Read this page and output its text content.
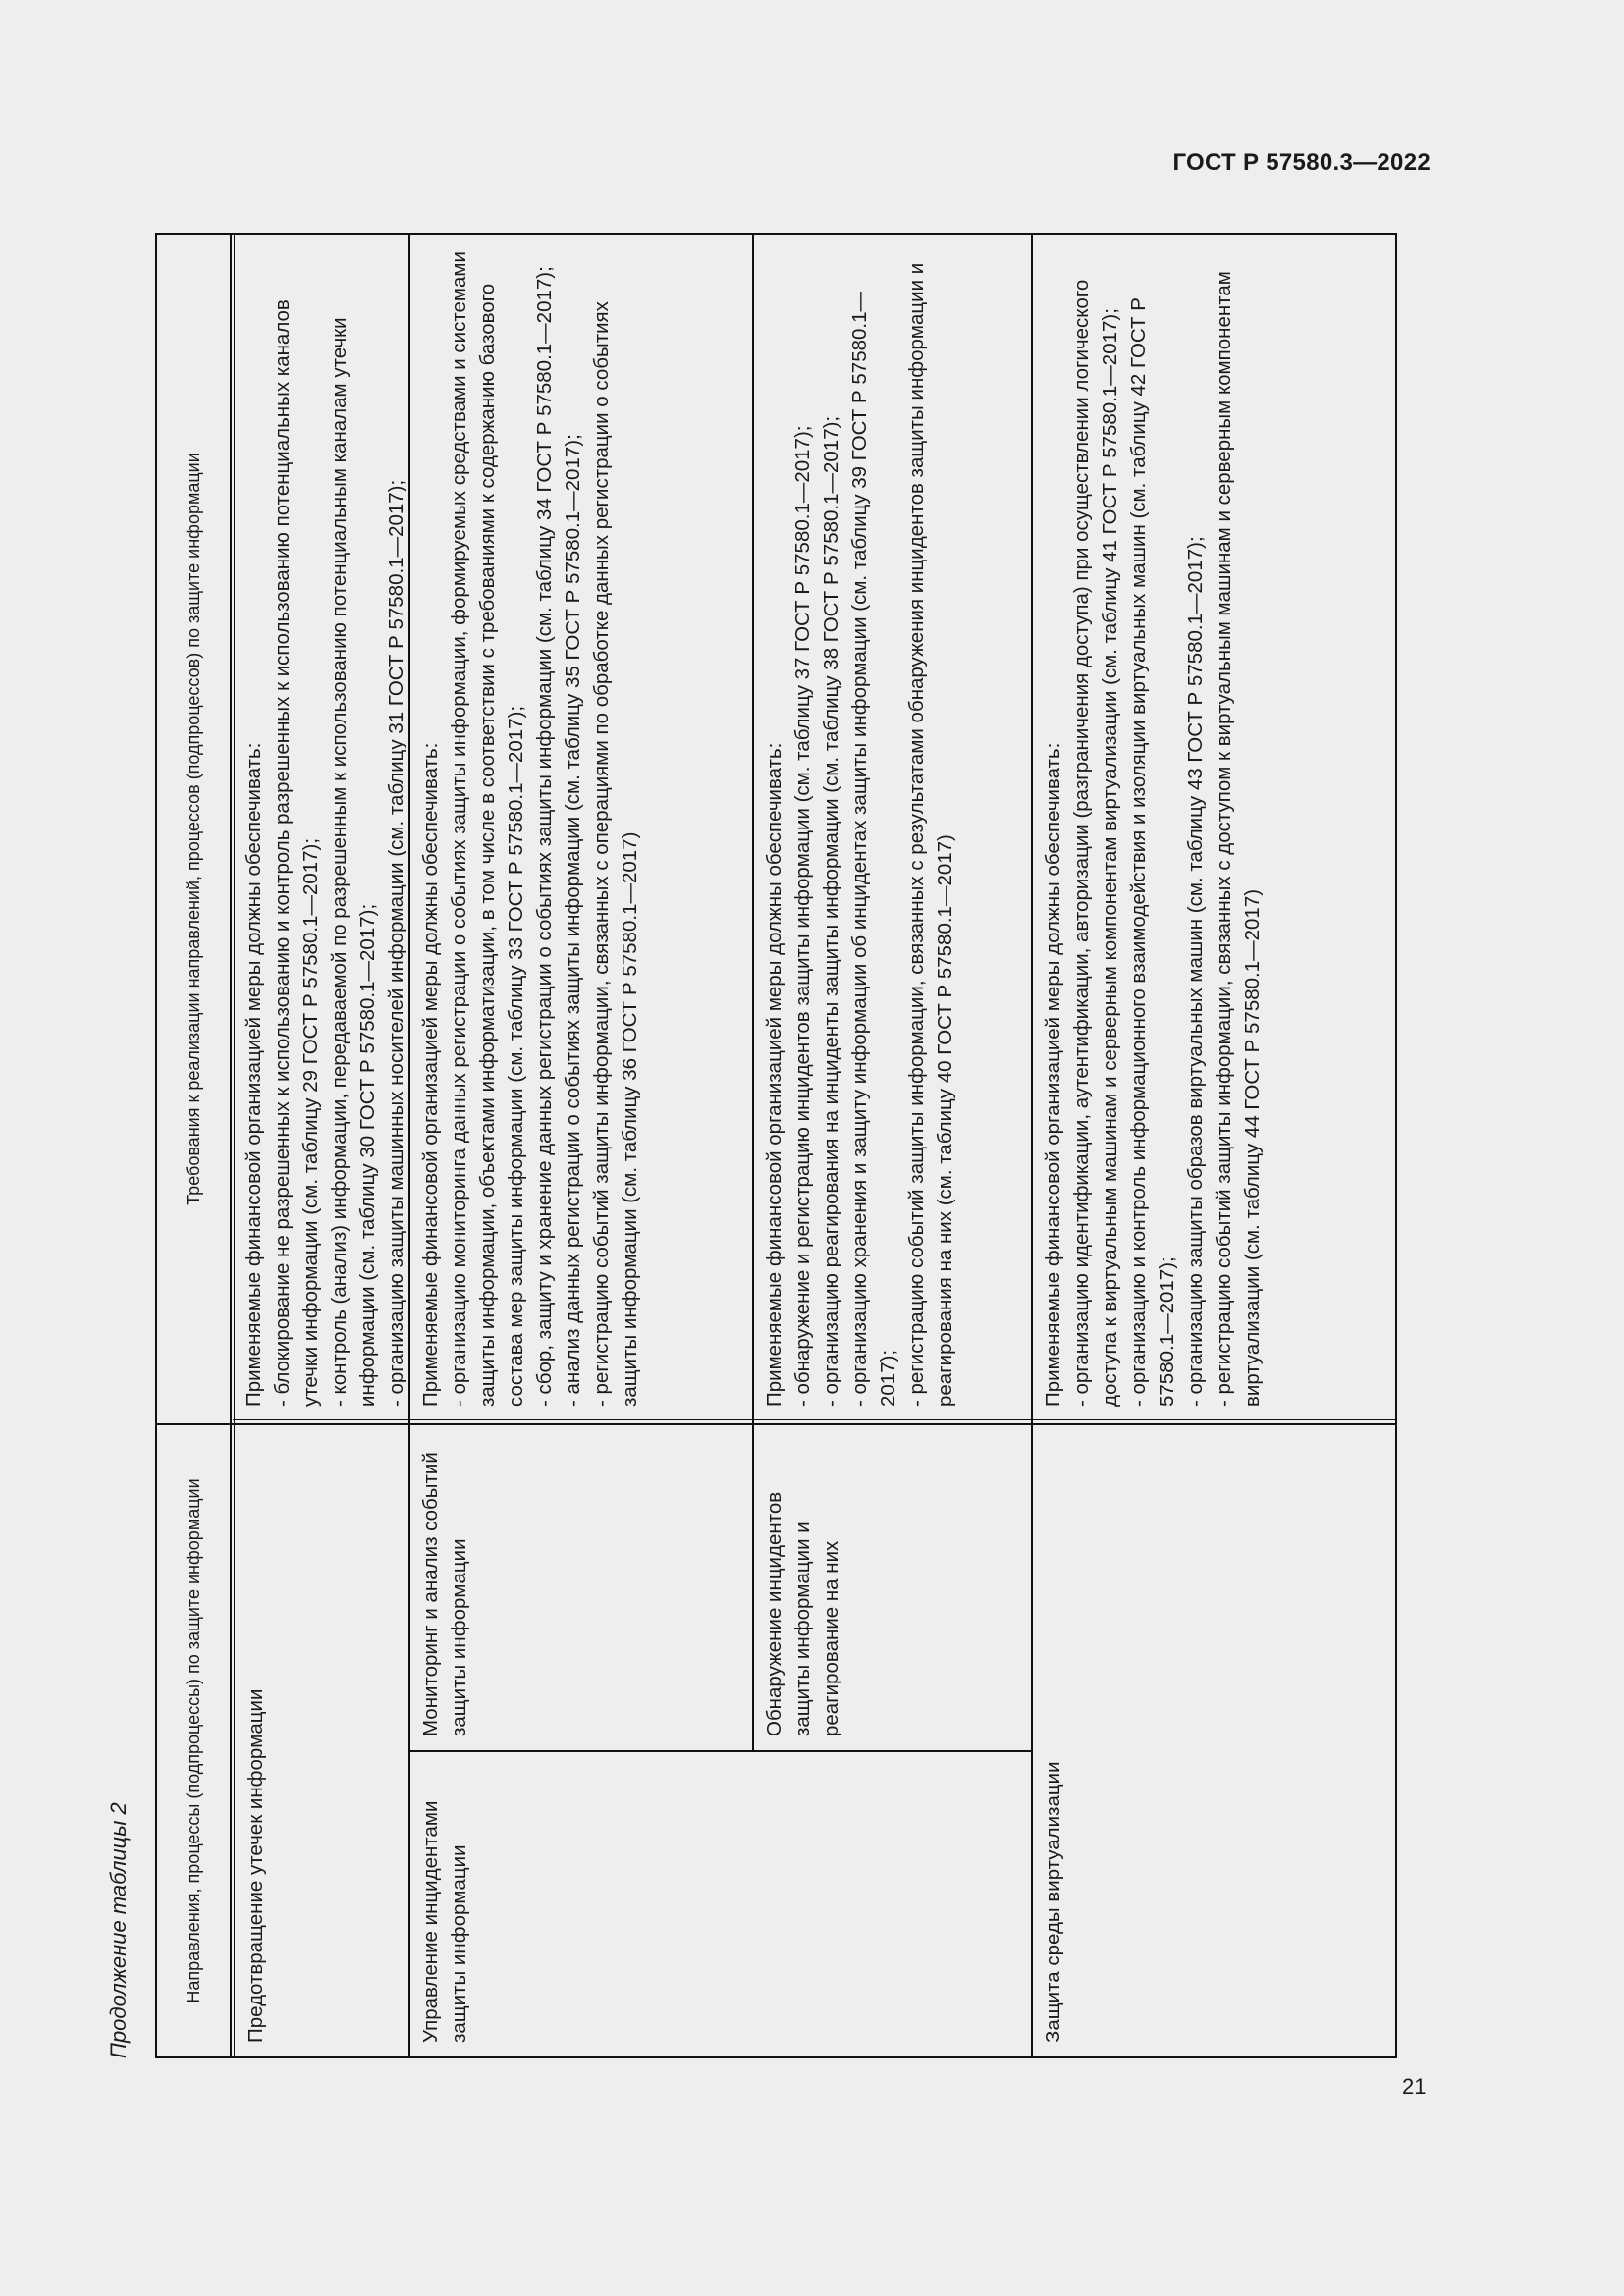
ГОСТ Р 57580.3—2022
21
Продолжение таблицы 2	Направления, процессы (подпроцессы) по защите информации
Требования к реализации направлений, процессов (подпроцессов) по защите информации
Предотвращение утечек информации
Применяемые финансовой организацией меры должны обеспечивать: - блокирование не разрешенных к использованию и контроль разрешенных к использованию потенциальных каналов утечки информации (см. таблицу 29 ГОСТ Р 57580.1—2017); - контроль (анализ) информации, передаваемой по разрешенным к использованию потенциальным каналам утечки информации (см. таблицу 30 ГОСТ Р 57580.1—2017); - организацию защиты машинных носителей информации (см. таблицу 31 ГОСТ Р 57580.1—2017);
Управление инцидентами защиты информации
Мониторинг и анализ событий защиты информации
Применяемые финансовой организацией меры должны обеспечивать: - организацию мониторинга данных регистрации о событиях защиты информации, формируемых средствами и системами защиты информации, объектами информатизации, в том числе в соответствии с требованиями к содержанию базового состава мер защиты информации (см. таблицу 33 ГОСТ Р 57580.1—2017); - сбор, защиту и хранение данных регистрации о событиях защиты информации (см. таблицу 34 ГОСТ Р 57580.1—2017); - анализ данных регистрации о событиях защиты информации (см. таблицу 35 ГОСТ Р 57580.1—2017); - регистрацию событий защиты информации, связанных с операциями по обработке данных регистрации о событиях защиты информации (см. таблицу 36 ГОСТ Р 57580.1—2017)
Обнаружение инцидентов защиты информации и реагирование на них
Применяемые финансовой организацией меры должны обеспечивать: - обнаружение и регистрацию инцидентов защиты информации (см. таблицу 37 ГОСТ Р 57580.1—2017); - организацию реагирования на инциденты защиты информации (см. таблицу 38 ГОСТ Р 57580.1—2017); - организацию хранения и защиту информации об инцидентах защиты информации (см. таблицу 39 ГОСТ Р 57580.1—2017); - регистрацию событий защиты информации, связанных с результатами обнаружения инцидентов защиты информации и реагирования на них (см. таблицу 40 ГОСТ Р 57580.1—2017)
Защита среды виртуализации
Применяемые финансовой организацией меры должны обеспечивать: - организацию идентификации, аутентификации, авторизации (разграничения доступа) при осуществлении логического доступа к виртуальным машинам и серверным компонентам виртуализации (см. таблицу 41 ГОСТ Р 57580.1—2017); - организацию и контроль информационного взаимодействия и изоляции виртуальных машин (см. таблицу 42 ГОСТ Р 57580.1—2017); - организацию защиты образов виртуальных машин (см. таблицу 43 ГОСТ Р 57580.1—2017); - регистрацию событий защиты информации, связанных с доступом к виртуальным машинам и серверным компонентам виртуализации (см. таблицу 44 ГОСТ Р 57580.1—2017)
